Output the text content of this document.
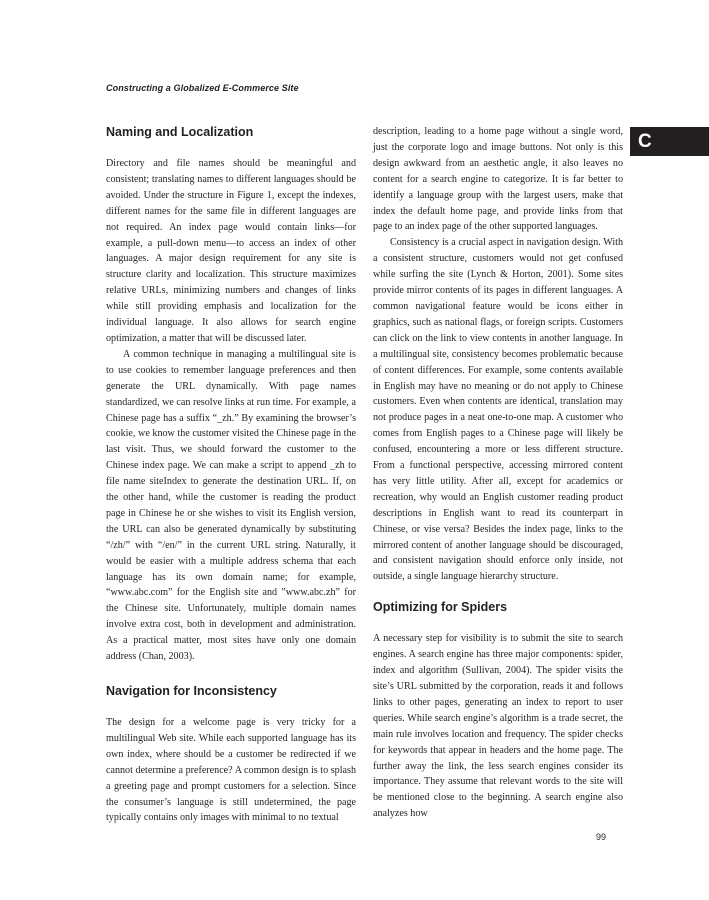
Constructing a Globalized E-Commerce Site
C
Naming and Localization

Directory and file names should be meaningful and consistent; translating names to different languages should be avoided. Under the structure in Figure 1, except the indexes, different names for the same file in different languages are not required. An index page would contain links—for example, a pull-down menu—to access an index of other languages. A major design requirement for any site is structure clarity and localization. This structure maximizes relative URLs, minimizing numbers and changes of links while still providing emphasis and localization for the individual language. It also allows for search engine optimization, a matter that will be discussed later.

A common technique in managing a multilingual site is to use cookies to remember language preferences and then generate the URL dynamically. With page names standardized, we can resolve links at run time. For example, a Chinese page has a suffix “_zh.” By examining the browser’s cookie, we know the customer visited the Chinese page in the last visit. Thus, we should forward the customer to the Chinese index page. We can make a script to append _zh to file name siteIndex to generate the destination URL. If, on the other hand, while the customer is reading the product page in Chinese he or she wishes to visit its English version, the URL can also be generated dynamically by substituting “/zh/” with “/en/” in the current URL string. Naturally, it would be easier with a multiple address schema that each language has its own domain name; for example, “www.abc.com” for the English site and ”www.abc.zh” for the Chinese site. Unfortunately, multiple domain names involve extra cost, both in development and administration. As a practical matter, most sites have only one domain address (Chan, 2003).

Navigation for Inconsistency

The design for a welcome page is very tricky for a multilingual Web site. While each supported language has its own index, where should be a customer be redirected if we cannot determine a preference? A common design is to splash a greeting page and prompt customers for a selection. Since the consumer’s language is still undetermined, the page typically contains only images with minimal to no textual

description, leading to a home page without a single word, just the corporate logo and image buttons. Not only is this design awkward from an aesthetic angle, it also leaves no content for a search engine to categorize. It is far better to identify a language group with the largest users, make that index the default home page, and provide links from that page to an index page of the other supported languages.

Consistency is a crucial aspect in navigation design. With a consistent structure, customers would not get confused while surfing the site (Lynch & Horton, 2001). Some sites provide mirror contents of its pages in different languages. A common navigational feature would be icons either in graphics, such as national flags, or foreign scripts. Customers can click on the link to view contents in another language. In a multilingual site, consistency becomes problematic because of content differences. For example, some contents available in English may have no meaning or do not apply to Chinese customers. Even when contents are identical, translation may not produce pages in a neat one-to-one map. A customer who comes from English pages to a Chinese page will likely be confused, encountering a more or less different structure. From a functional perspective, accessing mirrored content has very little utility. After all, except for academics or recreation, why would an English customer reading product descriptions in English want to read its counterpart in Chinese, or vise versa? Besides the index page, links to the mirrored content of another language should be discouraged, and consistent navigation should enforce only inside, not outside, a single language hierarchy structure.

Optimizing for Spiders

A necessary step for visibility is to submit the site to search engines. A search engine has three major components: spider, index and algorithm (Sullivan, 2004). The spider visits the site’s URL submitted by the corporation, reads it and follows links to other pages, generating an index to report to user queries. While search engine’s algorithm is a trade secret, the main rule involves location and frequency. The spider checks for keywords that appear in headers and the home page. The further away the link, the less search engines consider its importance. They assume that relevant words to the site will be mentioned close to the beginning. A search engine also analyzes how

99
